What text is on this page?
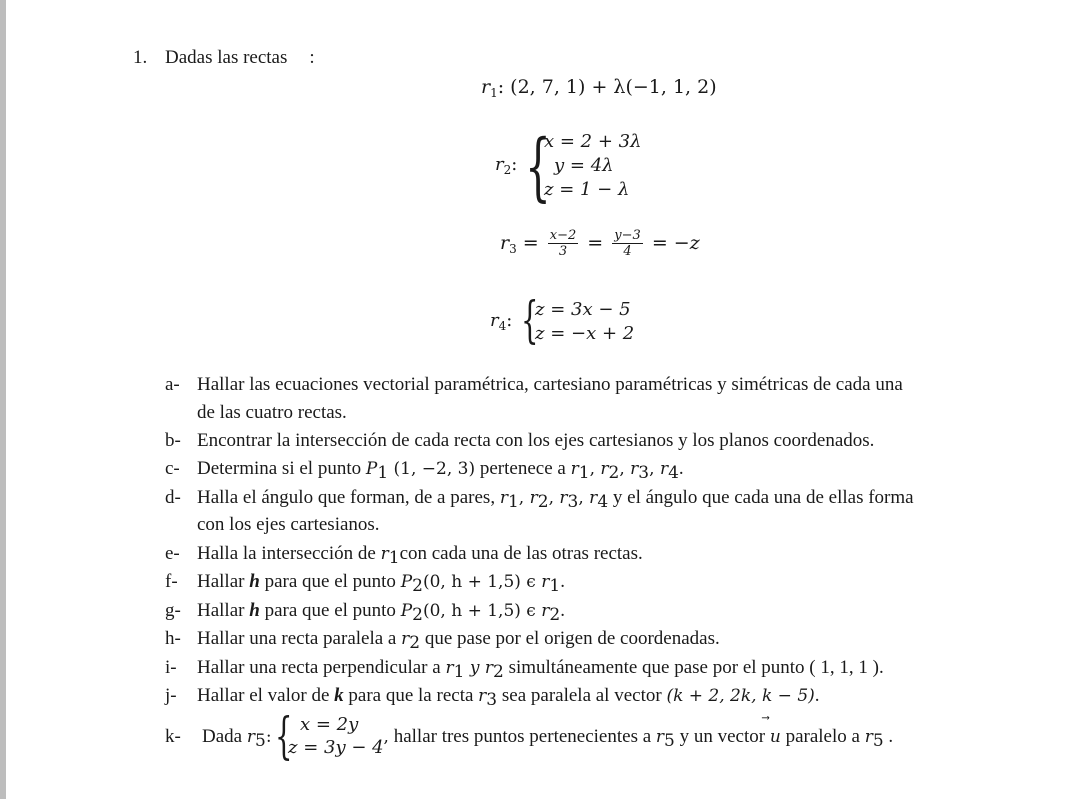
1. Dadas las rectas :
$r_1$: (2, 7, 1) + λ(−1, 1, 2)
$r_2$: {
x = 2 + 3λ
y = 4λ
z = 1 − λ
$r_3 = \frac{x-2}{3} = \frac{y-3}{4} = -z$
$r_4$: {
z = 3x − 5
z = −x + 2
a- Hallar las ecuaciones vectorial paramétrica, cartesiano paramétricas y simétricas de cada una
de las cuatro rectas.
b- Encontrar la intersección de cada recta con los ejes cartesianos y los planos coordenados.
c- Determina si el punto $P_1$ (1, −2, 3) pertenece a $r_1$, $r_2$, $r_3$, $r_4$.
d- Halla el ángulo que forman, de a pares, $r_1$, $r_2$, $r_3$, $r_4$ y el ángulo que cada una de ellas forma
con los ejes cartesianos.
e- Halla la intersección de $r_1con$ cada una de las otras rectas.
f- Hallar h para que el punto $P_2(0$, h + 1,5) ϵ $r_1$.
g- Hallar h para que el punto $P_2(0$, h + 1,5) ϵ $r_2$.
h- Hallar una recta paralela a $r_2$ que pase por el origen de coordenadas.
i- Hallar una recta perpendicular a $r_1$ y $r_2$ simultáneamente que pase por el punto ( 1, 1, 1 ).
j- Hallar el valor de k para que la recta $r_3$ sea paralela al vector (k + 2, 2k, k − 5).
k- Dada $r_5$:	, hallar tres puntos pertenecientes a $r_5$ y un vector u
paralelo a $r_5$ .
{ x = 2y
z = 3y − 4
